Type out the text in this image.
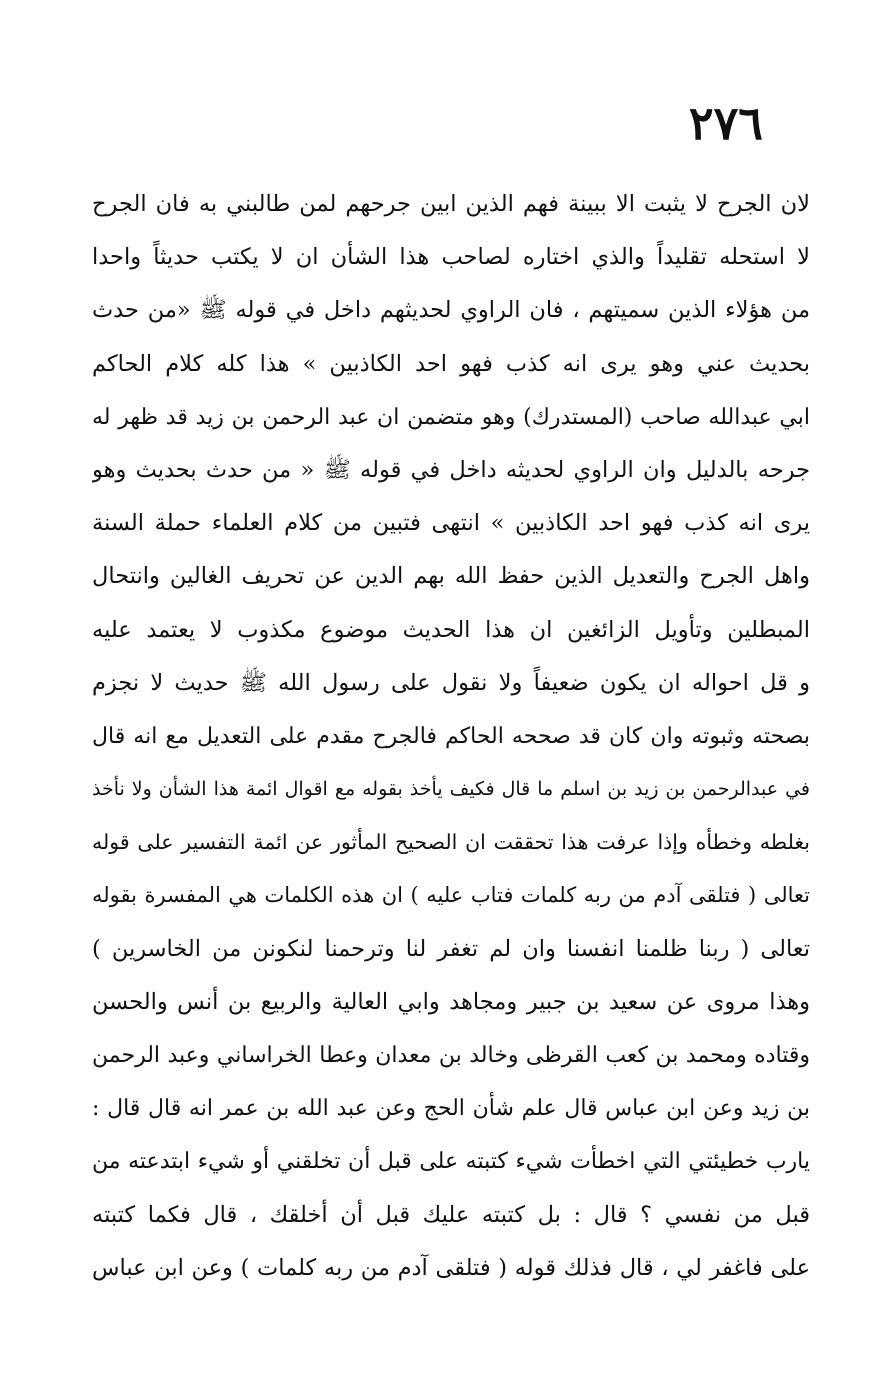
٢٧٦
لان الجرح لا يثبت الا ببينة فهم الذين ابين جرحهم لمن طالبني به فان الجرح
لا استحله تقليداً والذي اختاره لصاحب هذا الشأن ان لا يكتب حديثاً واحدا
من هؤلاء الذين سميتهم ، فان الراوي لحديثهم داخل في قوله ﷺ «من حدث
بحديث عني وهو يرى انه كذب فهو احد الكاذبين » هذا كله كلام الحاكم
ابي عبدالله صاحب (المستدرك) وهو متضمن ان عبد الرحمن بن زيد قد ظهر له
جرحه بالدليل وان الراوي لحديثه داخل في قوله ﷺ « من حدث بحديث وهو
يرى انه كذب فهو احد الكاذبين » انتهى فتبين من كلام العلماء حملة السنة
واهل الجرح والتعديل الذين حفظ الله بهم الدين عن تحريف الغالين وانتحال
المبطلين وتأويل الزائغين ان هذا الحديث موضوع مكذوب لا يعتمد عليه
و قل احواله ان يكون ضعيفاً ولا نقول على رسول الله ﷺ حديث لا نجزم
بصحته وثبوته وان كان قد صححه الحاكم فالجرح مقدم على التعديل مع انه قال
في عبدالرحمن بن زيد بن اسلم ما قال فكيف يأخذ بقوله مع اقوال ائمة هذا الشأن ولا نأخذ
بغلطه وخطأه وإذا عرفت هذا تحققت ان الصحيح المأثور عن ائمة التفسير على قوله
تعالى ( فتلقى آدم من ربه كلمات فتاب عليه ) ان هذه الكلمات هي المفسرة بقوله
تعالى ( ربنا ظلمنا انفسنا وان لم تغفر لنا وترحمنا لنكونن من الخاسرين )
وهذا مروى عن سعيد بن جبير ومجاهد وابي العالية والربيع بن أنس والحسن
وقتاده ومحمد بن كعب القرظى وخالد بن معدان وعطا الخراساني وعبد الرحمن
بن زيد وعن ابن عباس قال علم شأن الحج وعن عبد الله بن عمر انه قال قال :
يارب خطيئتي التي اخطأت شيء كتبته على قبل أن تخلقني أو شيء ابتدعته من
قبل من نفسي ؟ قال : بل كتبته عليك قبل أن أخلقك ، قال فكما كتبته
على فاغفر لي ، قال فذلك قوله ( فتلقى آدم من ربه كلمات ) وعن ابن عباس
